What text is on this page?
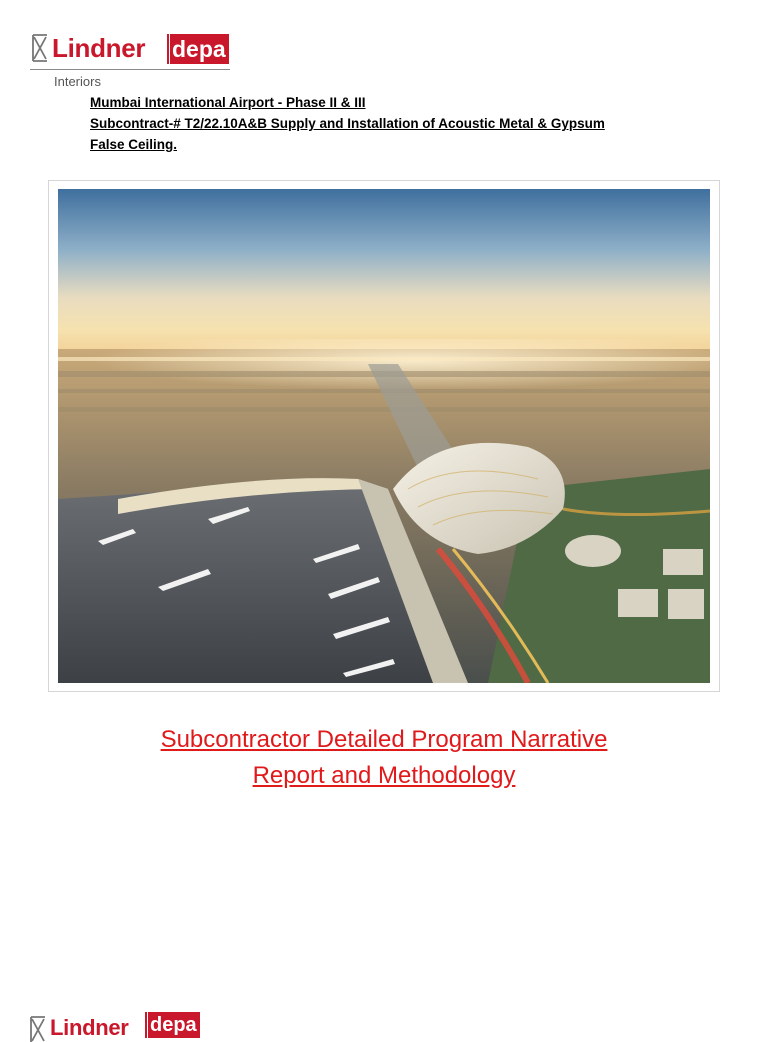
Lindner depa
Interiors
Mumbai International Airport - Phase II & III
Subcontract-# T2/22.10A&B Supply and Installation of Acoustic Metal & Gypsum
False Ceiling.
Subcontractor Detailed Program Narrative
Report and Methodology
Lindner depa
